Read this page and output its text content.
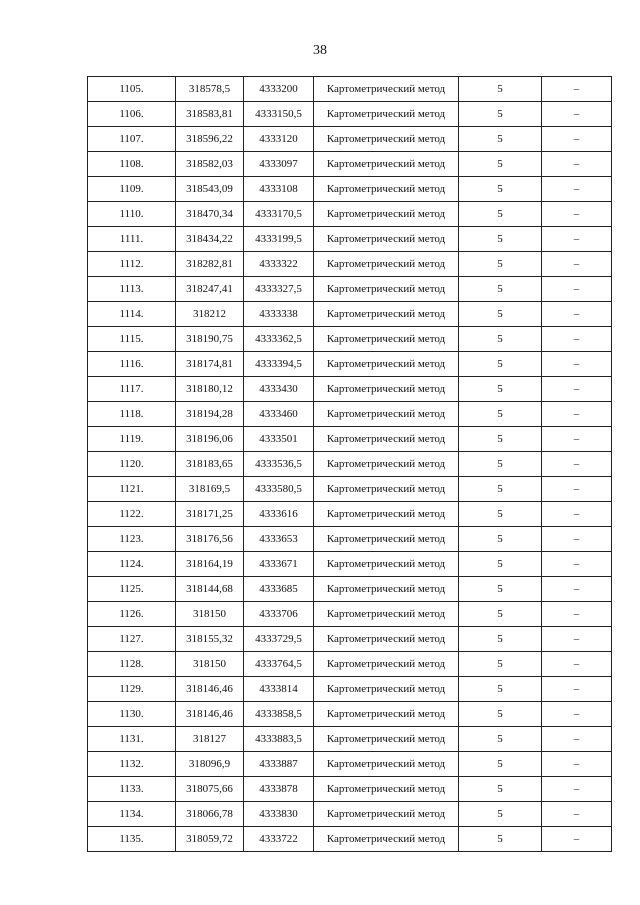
38
1105.	318578,5	4333200	Картометрический метод	5	–
1106.	318583,81	4333150,5	Картометрический метод	5	–
1107.	318596,22	4333120	Картометрический метод	5	–
1108.	318582,03	4333097	Картометрический метод	5	–
1109.	318543,09	4333108	Картометрический метод	5	–
1110.	318470,34	4333170,5	Картометрический метод	5	–
1111.	318434,22	4333199,5	Картометрический метод	5	–
1112.	318282,81	4333322	Картометрический метод	5	–
1113.	318247,41	4333327,5	Картометрический метод	5	–
1114.	318212	4333338	Картометрический метод	5	–
1115.	318190,75	4333362,5	Картометрический метод	5	–
1116.	318174,81	4333394,5	Картометрический метод	5	–
1117.	318180,12	4333430	Картометрический метод	5	–
1118.	318194,28	4333460	Картометрический метод	5	–
1119.	318196,06	4333501	Картометрический метод	5	–
1120.	318183,65	4333536,5	Картометрический метод	5	–
1121.	318169,5	4333580,5	Картометрический метод	5	–
1122.	318171,25	4333616	Картометрический метод	5	–
1123.	318176,56	4333653	Картометрический метод	5	–
1124.	318164,19	4333671	Картометрический метод	5	–
1125.	318144,68	4333685	Картометрический метод	5	–
1126.	318150	4333706	Картометрический метод	5	–
1127.	318155,32	4333729,5	Картометрический метод	5	–
1128.	318150	4333764,5	Картометрический метод	5	–
1129.	318146,46	4333814	Картометрический метод	5	–
1130.	318146,46	4333858,5	Картометрический метод	5	–
1131.	318127	4333883,5	Картометрический метод	5	–
1132.	318096,9	4333887	Картометрический метод	5	–
1133.	318075,66	4333878	Картометрический метод	5	–
1134.	318066,78	4333830	Картометрический метод	5	–
1135.	318059,72	4333722	Картометрический метод	5	–
